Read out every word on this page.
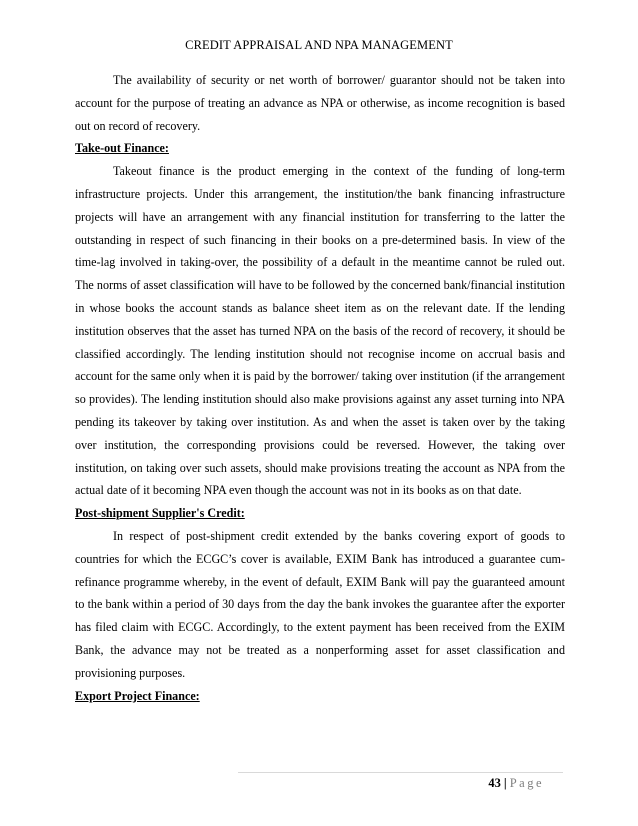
CREDIT APPRAISAL AND NPA MANAGEMENT

The availability of security or net worth of borrower/ guarantor should not be taken into account for the purpose of treating an advance as NPA or otherwise, as income recognition is based out on record of recovery.

Take-out Finance:

Takeout finance is the product emerging in the context of the funding of long-term infrastructure projects. Under this arrangement, the institution/the bank financing infrastructure projects will have an arrangement with any financial institution for transferring to the latter the outstanding in respect of such financing in their books on a pre-determined basis. In view of the time-lag involved in taking-over, the possibility of a default in the meantime cannot be ruled out. The norms of asset classification will have to be followed by the concerned bank/financial institution in whose books the account stands as balance sheet item as on the relevant date. If the lending institution observes that the asset has turned NPA on the basis of the record of recovery, it should be classified accordingly. The lending institution should not recognise income on accrual basis and account for the same only when it is paid by the borrower/ taking over institution (if the arrangement so provides). The lending institution should also make provisions against any asset turning into NPA pending its takeover by taking over institution. As and when the asset is taken over by the taking over institution, the corresponding provisions could be reversed. However, the taking over institution, on taking over such assets, should make provisions treating the account as NPA from the actual date of it becoming NPA even though the account was not in its books as on that date.

Post-shipment Supplier's Credit:

In respect of post-shipment credit extended by the banks covering export of goods to countries for which the ECGC’s cover is available, EXIM Bank has introduced a guarantee cum-refinance programme whereby, in the event of default, EXIM Bank will pay the guaranteed amount to the bank within a period of 30 days from the day the bank invokes the guarantee after the exporter has filed claim with ECGC. Accordingly, to the extent payment has been received from the EXIM Bank, the advance may not be treated as a nonperforming asset for asset classification and provisioning purposes.

Export Project Finance:

43 | Page
